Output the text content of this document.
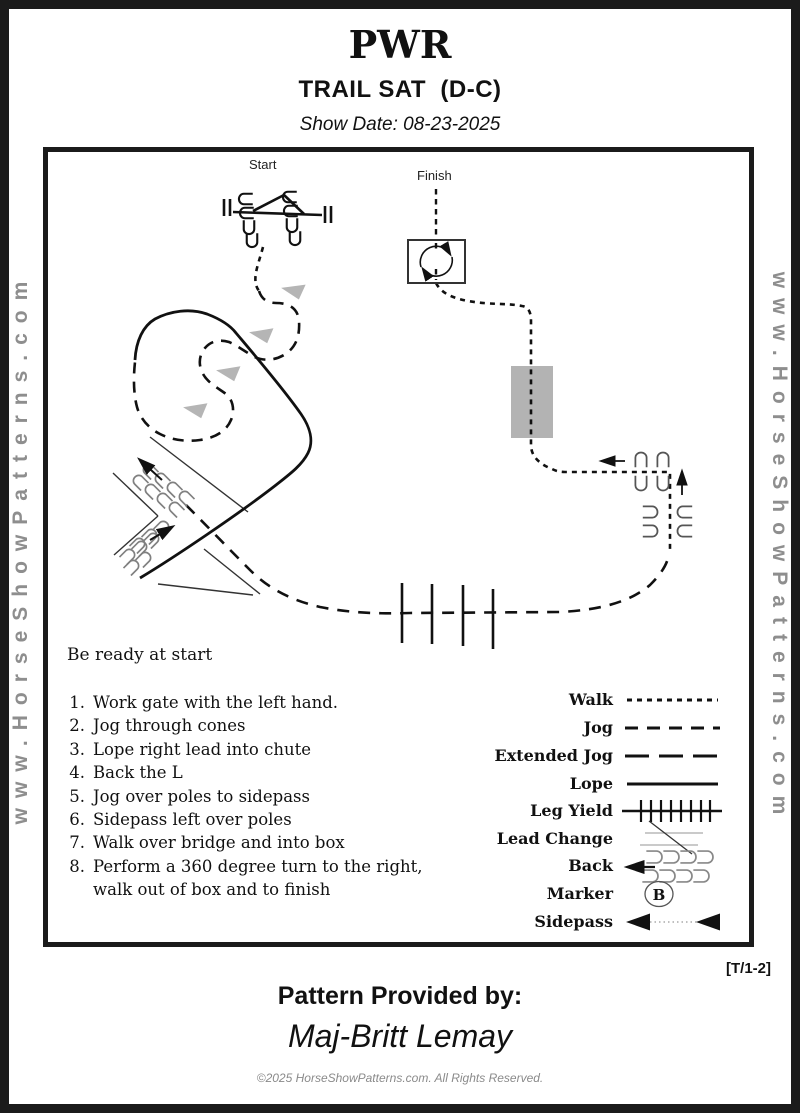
PWR
TRAIL SAT  (D-C)
Show Date: 08-23-2025
www.HorseShowPatterns.com	www.HorseShowPatterns.com
B
Start
Finish
Be ready at start
1. Work gate with the left hand.
2. Jog through cones
3. Lope right lead into chute
4. Back the L
5. Jog over poles to sidepass
6. Sidepass left over poles
7. Walk over bridge and into box
8. Perform a 360 degree turn to the right,
walk out of box and to finish
Walk
Jog
Extended Jog
Lope
Leg Yield
Lead Change
Back
Marker
Sidepass
[T/1-2]
Pattern Provided by:
Maj-Britt Lemay
©2025 HorseShowPatterns.com. All Rights Reserved.
